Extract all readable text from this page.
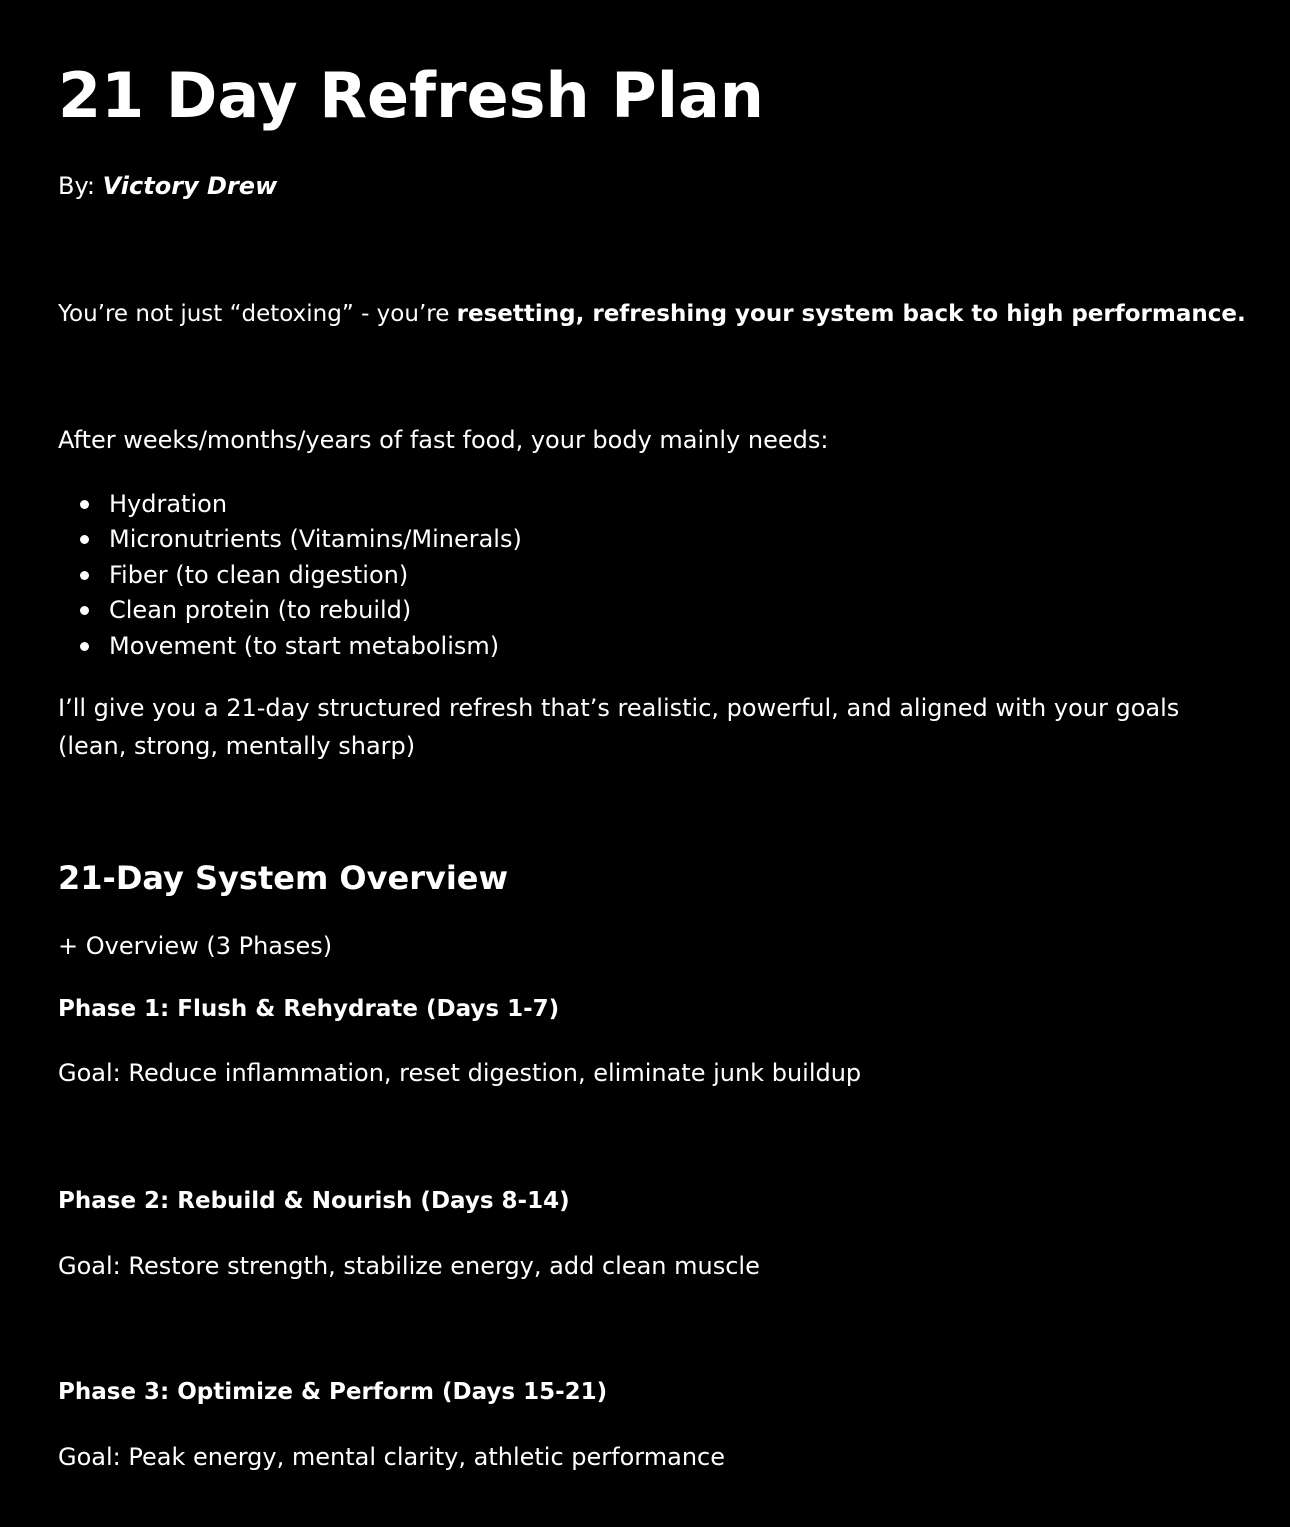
21 Day Refresh Plan

By: Victory Drew

You’re not just “detoxing” - you’re resetting, refreshing your system back to high performance.

After weeks/months/years of fast food, your body mainly needs:

Hydration
Micronutrients (Vitamins/Minerals)
Fiber (to clean digestion)
Clean protein (to rebuild)
Movement (to start metabolism)

I’ll give you a 21-day structured refresh that’s realistic, powerful, and aligned with your goals (lean, strong, mentally sharp)

21-Day System Overview

+ Overview (3 Phases)

Phase 1: Flush & Rehydrate (Days 1-7)

Goal: Reduce inflammation, reset digestion, eliminate junk buildup

Phase 2: Rebuild & Nourish (Days 8-14)

Goal: Restore strength, stabilize energy, add clean muscle

Phase 3: Optimize & Perform (Days 15-21)

Goal: Peak energy, mental clarity, athletic performance
